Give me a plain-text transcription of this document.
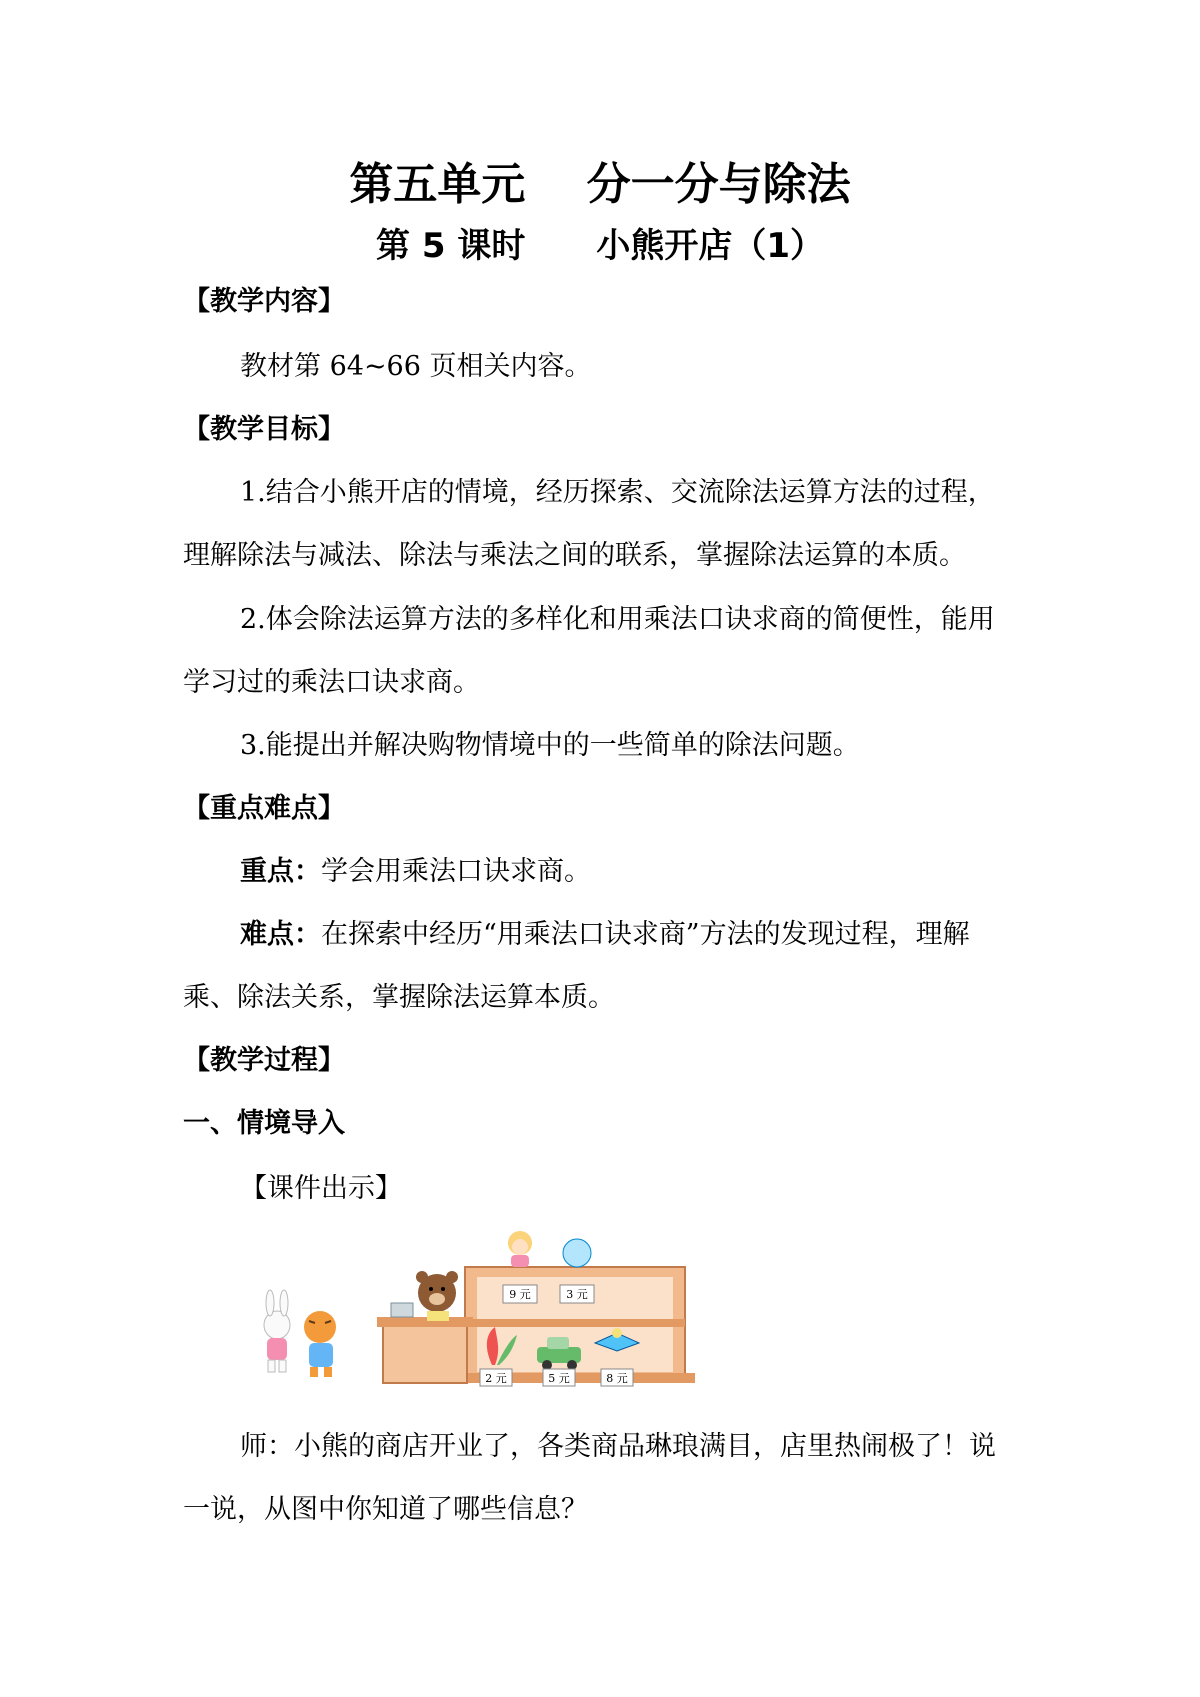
第五单元    分一分与除法
第 5 课时      小熊开店（1）
【教学内容】
教材第 64~66 页相关内容。
【教学目标】
1.结合小熊开店的情境，经历探索、交流除法运算方法的过程，
理解除法与减法、除法与乘法之间的联系，掌握除法运算的本质。
2.体会除法运算方法的多样化和用乘法口诀求商的简便性，能用
学习过的乘法口诀求商。
3.能提出并解决购物情境中的一些简单的除法问题。
【重点难点】
重点：学会用乘法口诀求商。
难点：在探索中经历“用乘法口诀求商”方法的发现过程，理解
乘、除法关系，掌握除法运算本质。
【教学过程】
一、情境导入
【课件出示】
9 元	3 元
2 元	5 元	8 元
师：小熊的商店开业了，各类商品琳琅满目，店里热闹极了！说
一说，从图中你知道了哪些信息？
